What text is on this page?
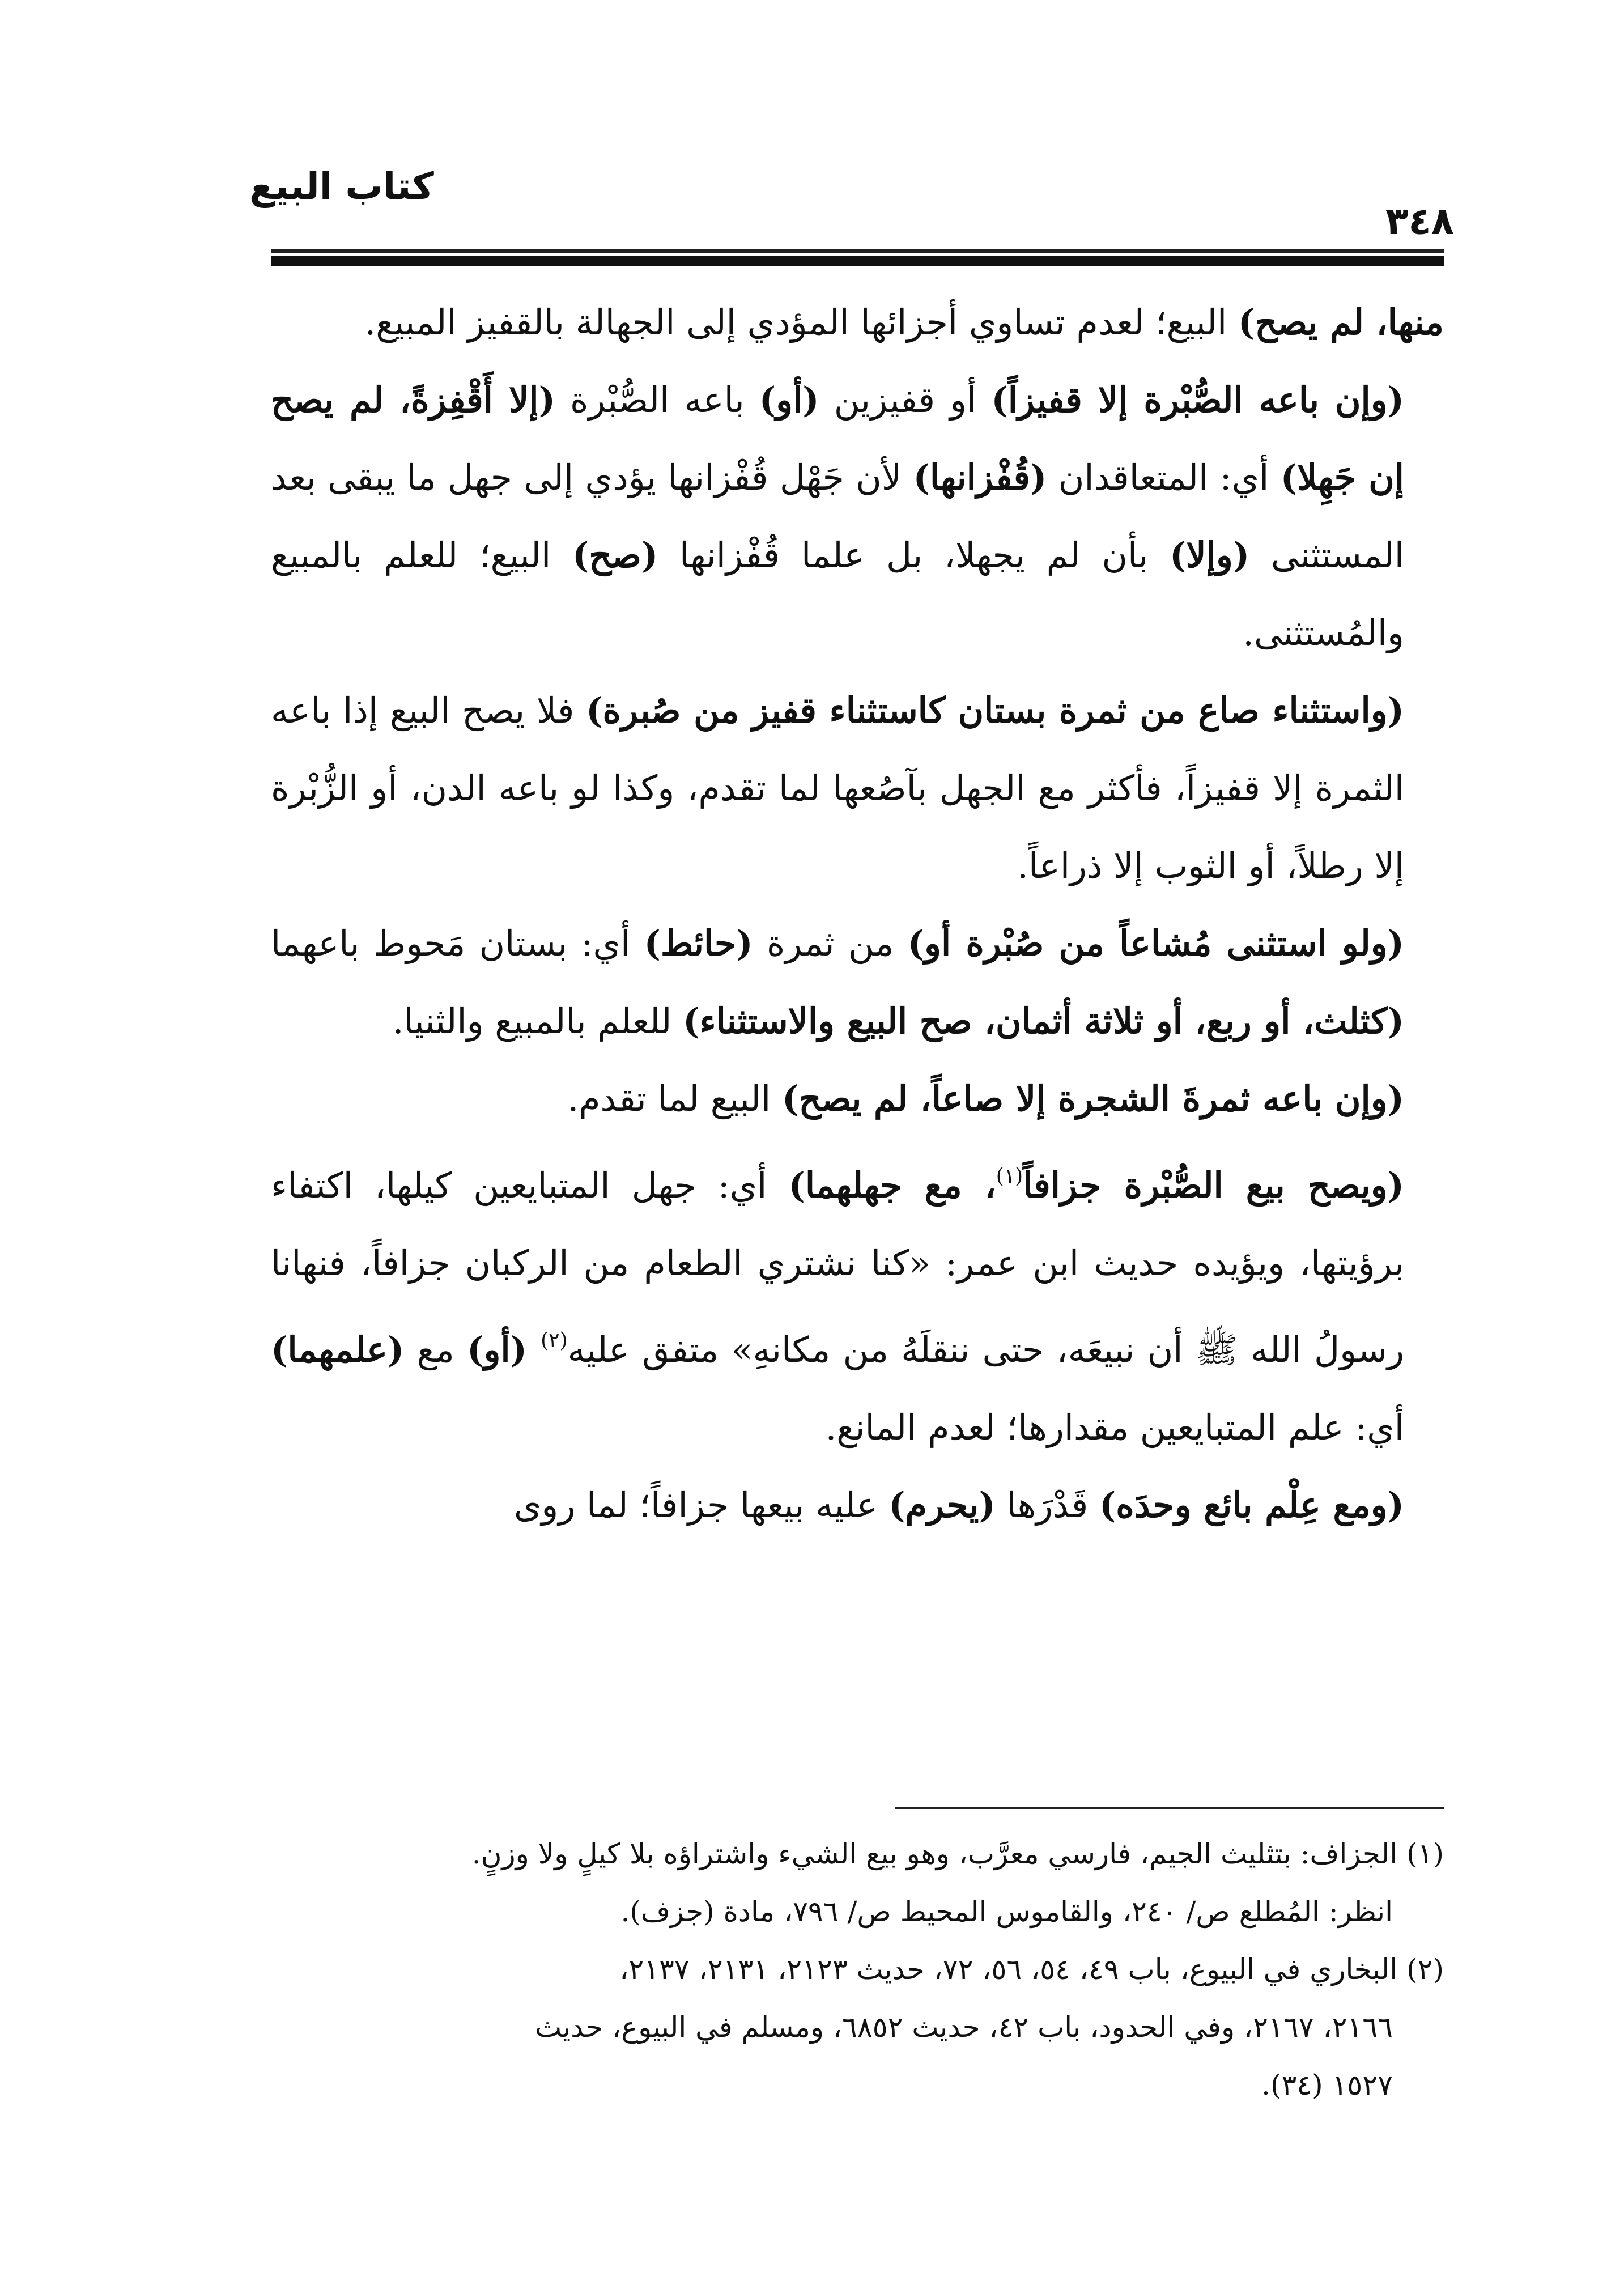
كتاب البيع
٣٤٨

منها، لم يصح) البيع؛ لعدم تساوي أجزائها المؤدي إلى الجهالة بالقفيز المبيع.

(وإن باعه الصُّبْرة إلا قفيزاً) أو قفيزين (أو) باعه الصُّبْرة (إلا أَقْفِزةً، لم يصح إن جَهِلا) أي: المتعاقدان (قُفْزانها) لأن جَهْل قُفْزانها يؤدي إلى جهل ما يبقى بعد المستثنى (وإلا) بأن لم يجهلا، بل علما قُفْزانها (صح) البيع؛ للعلم بالمبيع والمُستثنى.

(واستثناء صاع من ثمرة بستان كاستثناء قفيز من صُبرة) فلا يصح البيع إذا باعه الثمرة إلا قفيزاً، فأكثر مع الجهل بآصُعها لما تقدم، وكذا لو باعه الدن، أو الزُّبْرة إلا رطلاً، أو الثوب إلا ذراعاً.

(ولو استثنى مُشاعاً من صُبْرة أو) من ثمرة (حائط) أي: بستان مَحوط باعهما (كثلث، أو ربع، أو ثلاثة أثمان، صح البيع والاستثناء) للعلم بالمبيع والثنيا.

(وإن باعه ثمرةَ الشجرة إلا صاعاً، لم يصح) البيع لما تقدم.

(ويصح بيع الصُّبْرة جزافاً$^{(١)}$، مع جهلهما) أي: جهل المتبايعين كيلها، اكتفاء برؤيتها، ويؤيده حديث ابن عمر: «كنا نشتري الطعام من الركبان جزافاً، فنهانا رسولُ الله ﷺ أن نبيعَه، حتى ننقلَهُ من مكانهِ» متفق عليه$^{(٢)}$ (أو) مع (علمهما) أي: علم المتبايعين مقدارها؛ لعدم المانع.

(ومع عِلْم بائع وحدَه) قَدْرَها (يحرم) عليه بيعها جزافاً؛ لما روى

(١) الجزاف: بتثليث الجيم، فارسي معرَّب، وهو بيع الشيء واشتراؤه بلا كيلٍ ولا وزنٍ.

انظر: المُطلع ص/ ٢٤٠، والقاموس المحيط ص/ ٧٩٦، مادة (جزف).

(٢) البخاري في البيوع، باب ٤٩، ٥٤، ٥٦، ٧٢، حديث ٢١٢٣، ٢١٣١، ٢١٣٧،

٢١٦٦، ٢١٦٧، وفي الحدود، باب ٤٢، حديث ٦٨٥٢، ومسلم في البيوع، حديث

١٥٢٧ (٣٤).
